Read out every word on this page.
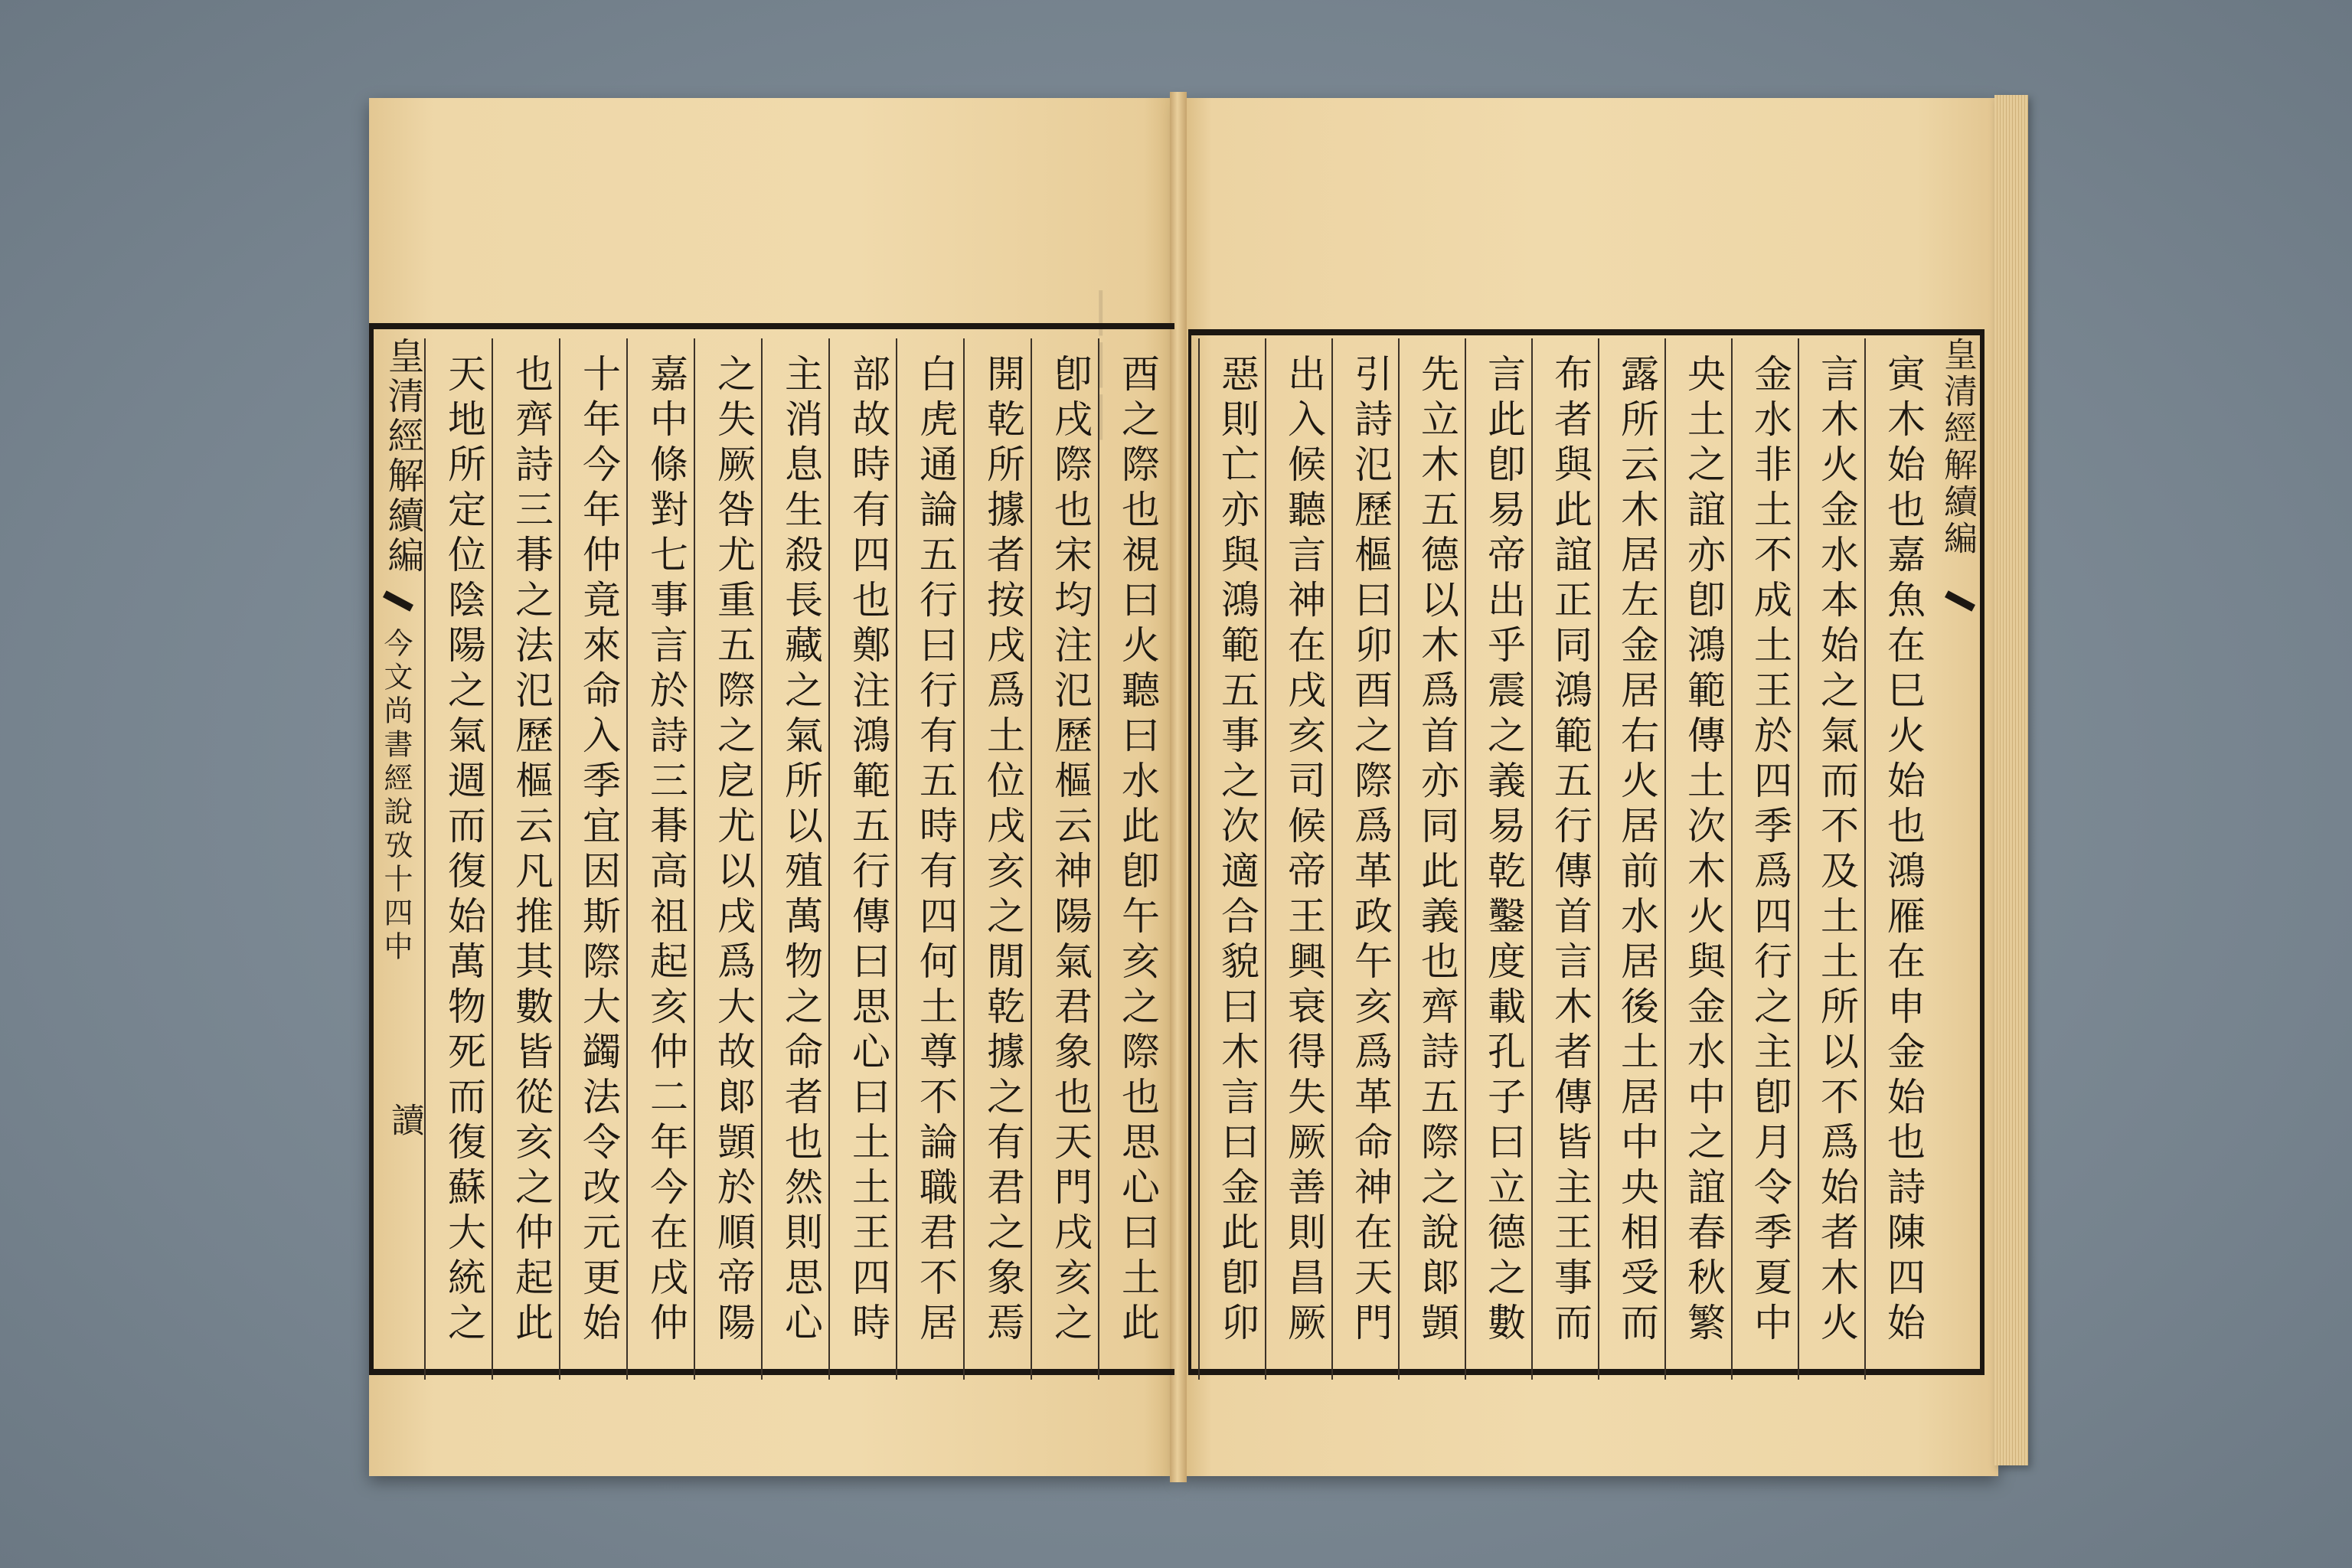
▏▏▏
皇清經解續編
今文尚書經說攷十四中
讀	酉之際也視曰火聽曰水此卽午亥之際也思心曰土此
卽戌際也宋均注氾歷樞云神陽氣君象也天門戌亥之
開乾所據者按戌爲土位戌亥之閒乾據之有君之象焉
白虎通論五行曰行有五時有四何土尊不論職君不居
部故時有四也鄭注鴻範五行傳曰思心曰土土王四時
主消息生殺長藏之氣所以殖萬物之命者也然則思心
之失厥咎尤重五際之戹尤以戌爲大故郞顗於順帝陽
嘉中條對七事言於詩三朞高祖起亥仲二年今在戌仲
十年今年仲竟來命入季宜因斯際大蠲法令改元更始
也齊詩三朞之法氾歷樞云凡推其數皆從亥之仲起此
天地所定位陰陽之氣週而復始萬物死而復蘇大統之	皇清經解續編
寅木始也嘉魚在巳火始也鴻雁在申金始也詩陳四始
言木火金水本始之氣而不及土土所以不爲始者木火
金水非土不成土王於四季爲四行之主卽月令季夏中
央土之誼亦卽鴻範傳土次木火與金水中之誼春秋繁
露所云木居左金居右火居前水居後土居中央相受而
布者與此誼正同鴻範五行傳首言木者傳皆主王事而
言此卽易帝出乎震之義易乾鑿度載孔子曰立德之數
先立木五德以木爲首亦同此義也齊詩五際之說郞顗
引詩氾歷樞曰卯酉之際爲革政午亥爲革命神在天門
出入候聽言神在戌亥司候帝王興衰得失厥善則昌厥
惡則亡亦與鴻範五事之次適合貌曰木言曰金此卽卯
